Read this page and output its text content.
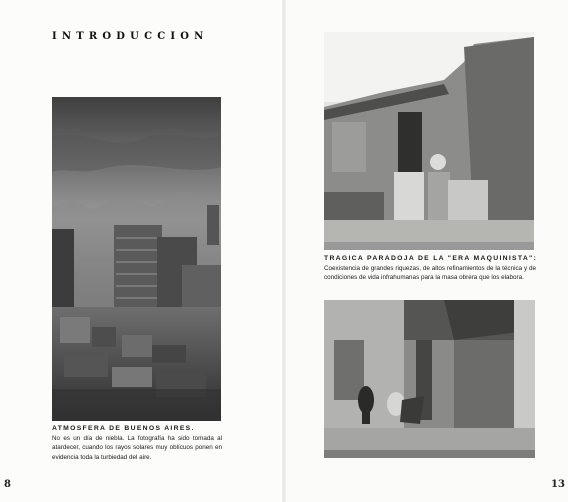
INTRODUCCION
ATMOSFERA DE BUENOS AIRES.
No es un día de niebla. La fotografía ha sido tomada al atardecer, cuando los rayos solares muy oblícuos ponen en evidencia toda la turbiedad del aire.
TRAGICA PARADOJA DE LA "ERA MAQUINISTA":
Coexistencia de grandes riquezas, de altos refinamientos de la técnica y de condiciones de vida infrahumanas para la masa obrera que los elabora.
8	13
